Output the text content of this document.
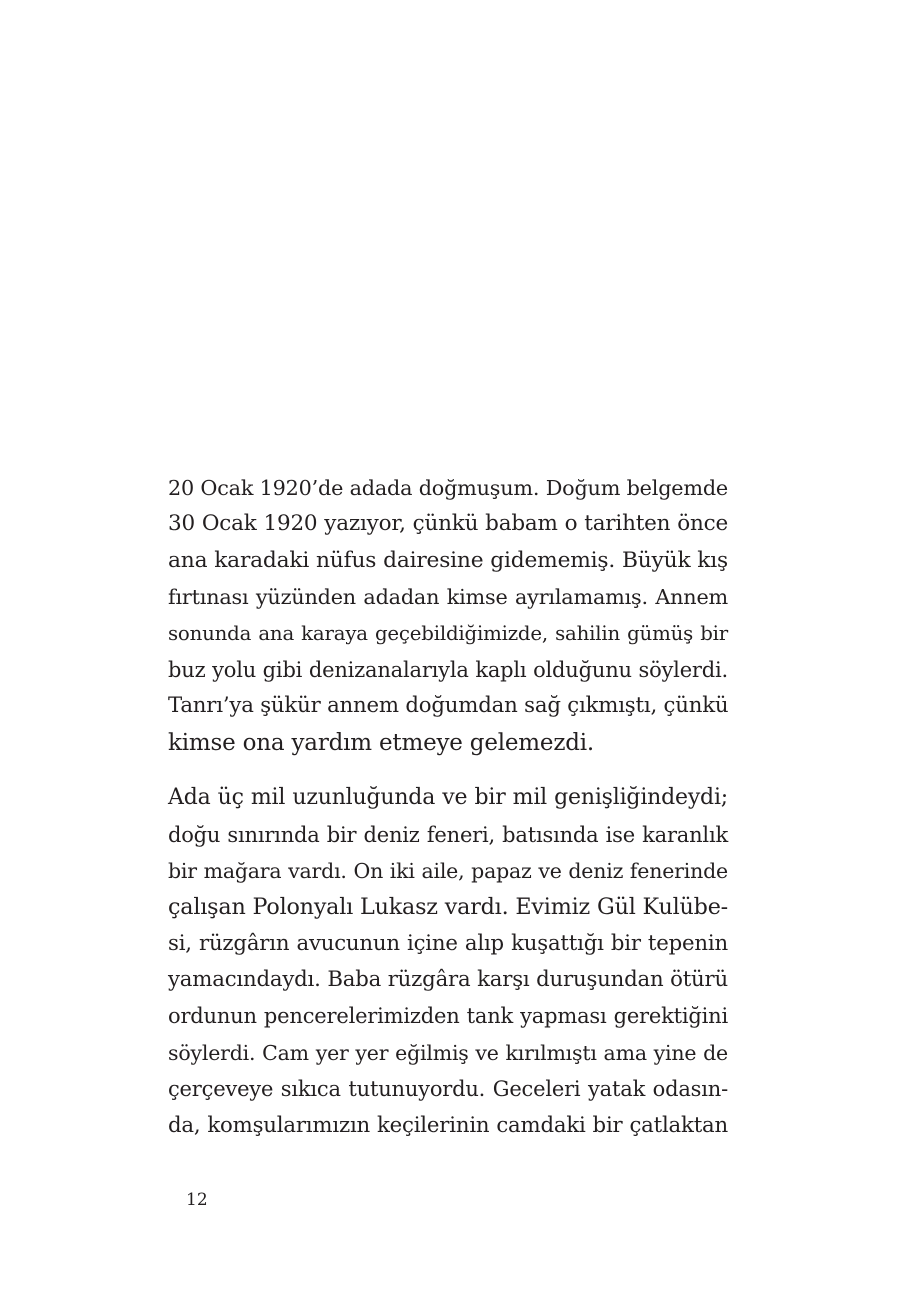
20 Ocak 1920’de adada doğmuşum. Doğum belgemde
30 Ocak 1920 yazıyor, çünkü babam o tarihten önce
ana karadaki nüfus dairesine gidememiş. Büyük kış
fırtınası yüzünden adadan kimse ayrılamamış. Annem
sonunda ana karaya geçebildiğimizde, sahilin gümüş bir
buz yolu gibi denizanalarıyla kaplı olduğunu söylerdi.
Tanrı’ya şükür annem doğumdan sağ çıkmıştı, çünkü
kimse ona yardım etmeye gelemezdi.

Ada üç mil uzunluğunda ve bir mil genişliğindeydi;
doğu sınırında bir deniz feneri, batısında ise karanlık
bir mağara vardı. On iki aile, papaz ve deniz fenerinde
çalışan Polonyalı Lukasz vardı. Evimiz Gül Kulübe-
si, rüzgârın avucunun içine alıp kuşattığı bir tepenin
yamacındaydı. Baba rüzgâra karşı duruşundan ötürü
ordunun pencerelerimizden tank yapması gerektiğini
söylerdi. Cam yer yer eğilmiş ve kırılmıştı ama yine de
çerçeveye sıkıca tutunuyordu. Geceleri yatak odasın-
da, komşularımızın keçilerinin camdaki bir çatlaktan

12
